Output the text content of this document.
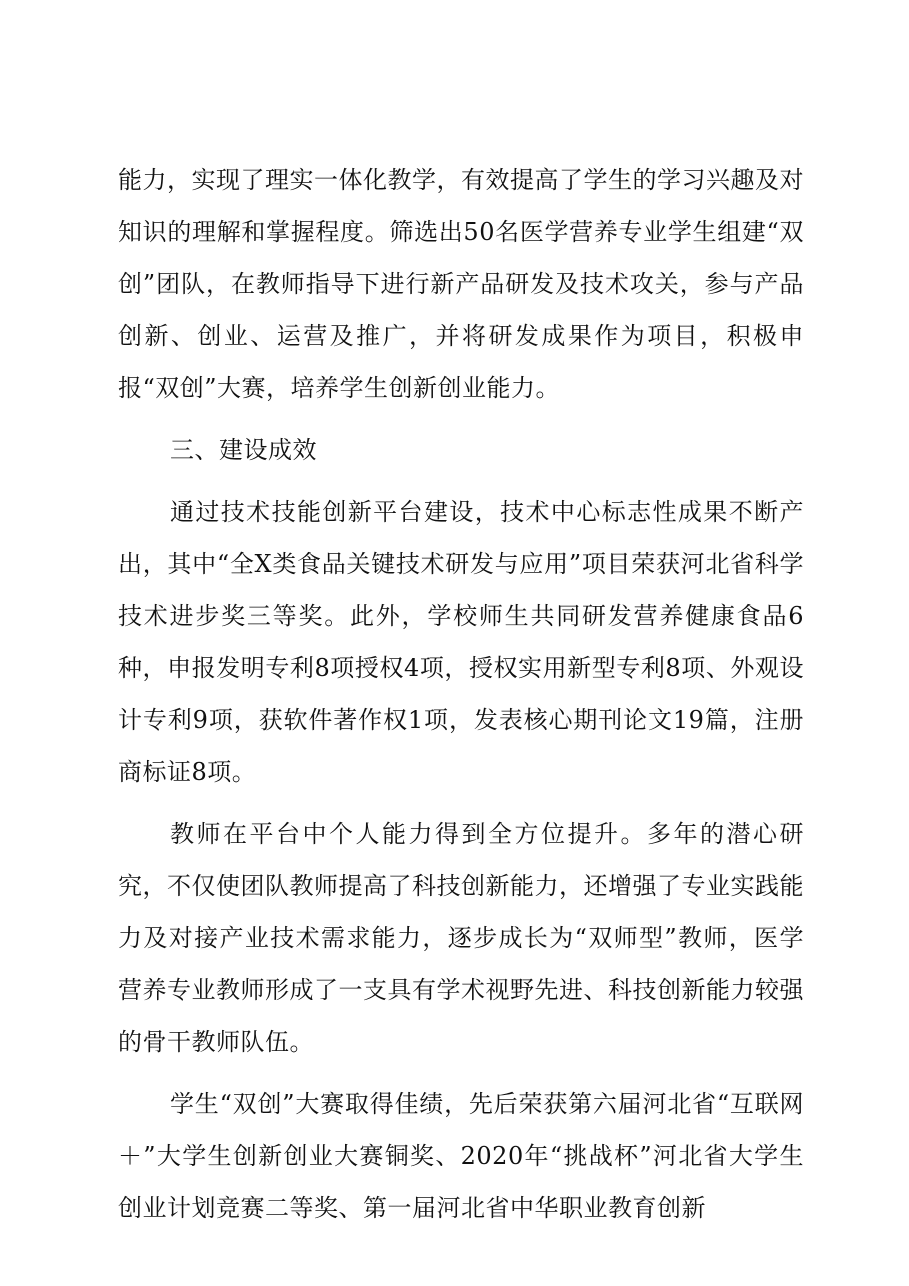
能力，实现了理实一体化教学，有效提高了学生的学习兴趣及对知识的理解和掌握程度。筛选出50名医学营养专业学生组建“双创”团队，在教师指导下进行新产品研发及技术攻关，参与产品创新、创业、运营及推广，并将研发成果作为项目，积极申报“双创”大赛，培养学生创新创业能力。

三、建设成效

通过技术技能创新平台建设，技术中心标志性成果不断产出，其中“全X类食品关键技术研发与应用”项目荣获河北省科学技术进步奖三等奖。此外，学校师生共同研发营养健康食品6种，申报发明专利8项授权4项，授权实用新型专利8项、外观设计专利9项，获软件著作权1项，发表核心期刊论文19篇，注册商标证8项。

教师在平台中个人能力得到全方位提升。多年的潜心研究，不仅使团队教师提高了科技创新能力，还增强了专业实践能力及对接产业技术需求能力，逐步成长为“双师型”教师，医学营养专业教师形成了一支具有学术视野先进、科技创新能力较强的骨干教师队伍。

学生“双创”大赛取得佳绩，先后荣获第六届河北省“互联网＋”大学生创新创业大赛铜奖、2020年“挑战杯”河北省大学生创业计划竞赛二等奖、第一届河北省中华职业教育创新
